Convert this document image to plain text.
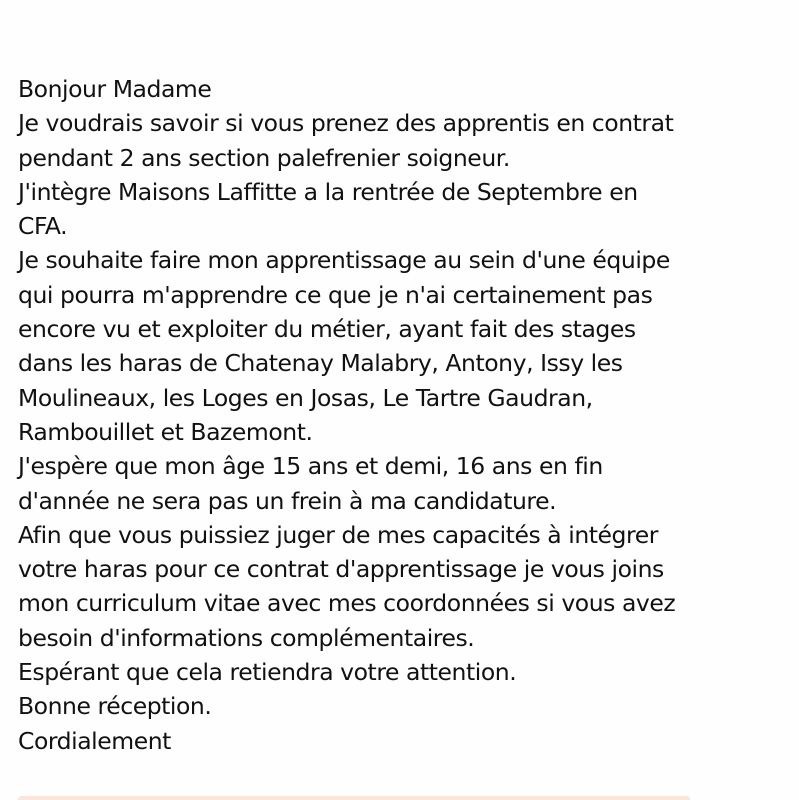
Bonjour Madame
Je voudrais savoir si vous prenez des apprentis en contrat
pendant 2 ans section palefrenier soigneur.
J'intègre Maisons Laffitte a la rentrée de Septembre en
CFA.
Je souhaite faire mon apprentissage au sein d'une équipe
qui pourra m'apprendre ce que je n'ai certainement pas
encore vu et exploiter du métier, ayant fait des stages
dans les haras de Chatenay Malabry, Antony, Issy les
Moulineaux, les Loges en Josas, Le Tartre Gaudran,
Rambouillet et Bazemont.
J'espère que mon âge 15 ans et demi, 16 ans en fin
d'année ne sera pas un frein à ma candidature.
Afin que vous puissiez juger de mes capacités à intégrer
votre haras pour ce contrat d'apprentissage je vous joins
mon curriculum vitae avec mes coordonnées si vous avez
besoin d'informations complémentaires.
Espérant que cela retiendra votre attention.
Bonne réception.
Cordialement
